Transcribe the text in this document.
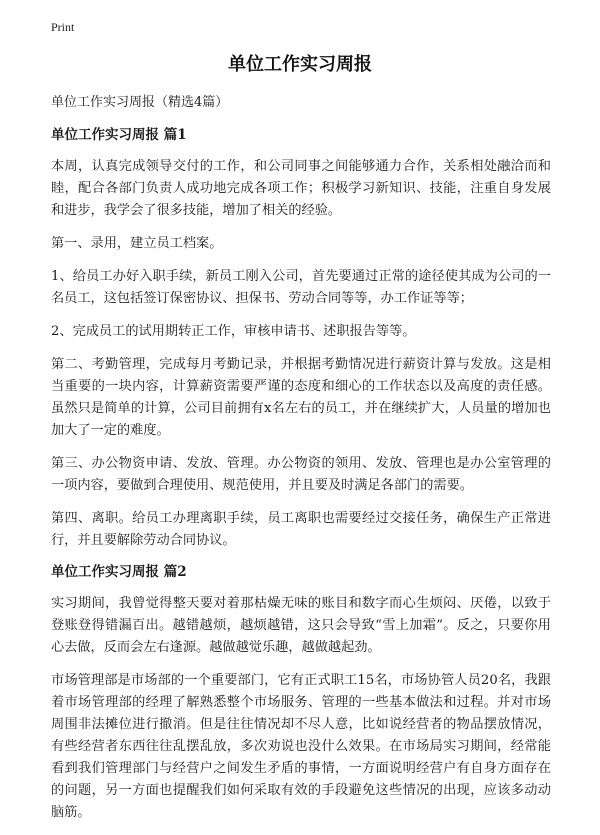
Print
单位工作实习周报
单位工作实习周报（精选4篇）
单位工作实习周报 篇1

本周，认真完成领导交付的工作，和公司同事之间能够通力合作，关系相处融洽而和睦，配合各部门负责人成功地完成各项工作；积极学习新知识、技能，注重自身发展和进步，我学会了很多技能，增加了相关的经验。

第一、录用，建立员工档案。

1、给员工办好入职手续，新员工刚入公司，首先要通过正常的途径使其成为公司的一名员工，这包括签订保密协议、担保书、劳动合同等等，办工作证等等；

2、完成员工的试用期转正工作，审核申请书、述职报告等等。

第二、考勤管理，完成每月考勤记录，并根据考勤情况进行薪资计算与发放。这是相当重要的一块内容，计算薪资需要严谨的态度和细心的工作状态以及高度的责任感。虽然只是简单的计算，公司目前拥有x名左右的员工，并在继续扩大，人员量的增加也加大了一定的难度。

第三、办公物资申请、发放、管理。办公物资的领用、发放、管理也是办公室管理的一项内容，要做到合理使用、规范使用，并且要及时满足各部门的需要。

第四、离职。给员工办理离职手续，员工离职也需要经过交接任务，确保生产正常进行，并且要解除劳动合同协议。

单位工作实习周报 篇2

实习期间，我曾觉得整天要对着那枯燥无味的账目和数字而心生烦闷、厌倦，以致于登账登得错漏百出。越错越烦，越烦越错，这只会导致“雪上加霜”。反之，只要你用心去做，反而会左右逢源。越做越觉乐趣，越做越起劲。

市场管理部是市场部的一个重要部门，它有正式职工15名，市场协管人员20名，我跟着市场管理部的经理了解熟悉整个市场服务、管理的一些基本做法和过程。并对市场周围非法摊位进行撤消。但是往往情况却不尽人意，比如说经营者的物品摆放情况，有些经营者东西往往乱摆乱放，多次劝说也没什么效果。在市场局实习期间，经常能看到我们管理部门与经营户之间发生矛盾的事情，一方面说明经营户有自身方面存在的问题，另一方面也提醒我们如何采取有效的手段避免这些情况的出现，应该多动动脑筋。
